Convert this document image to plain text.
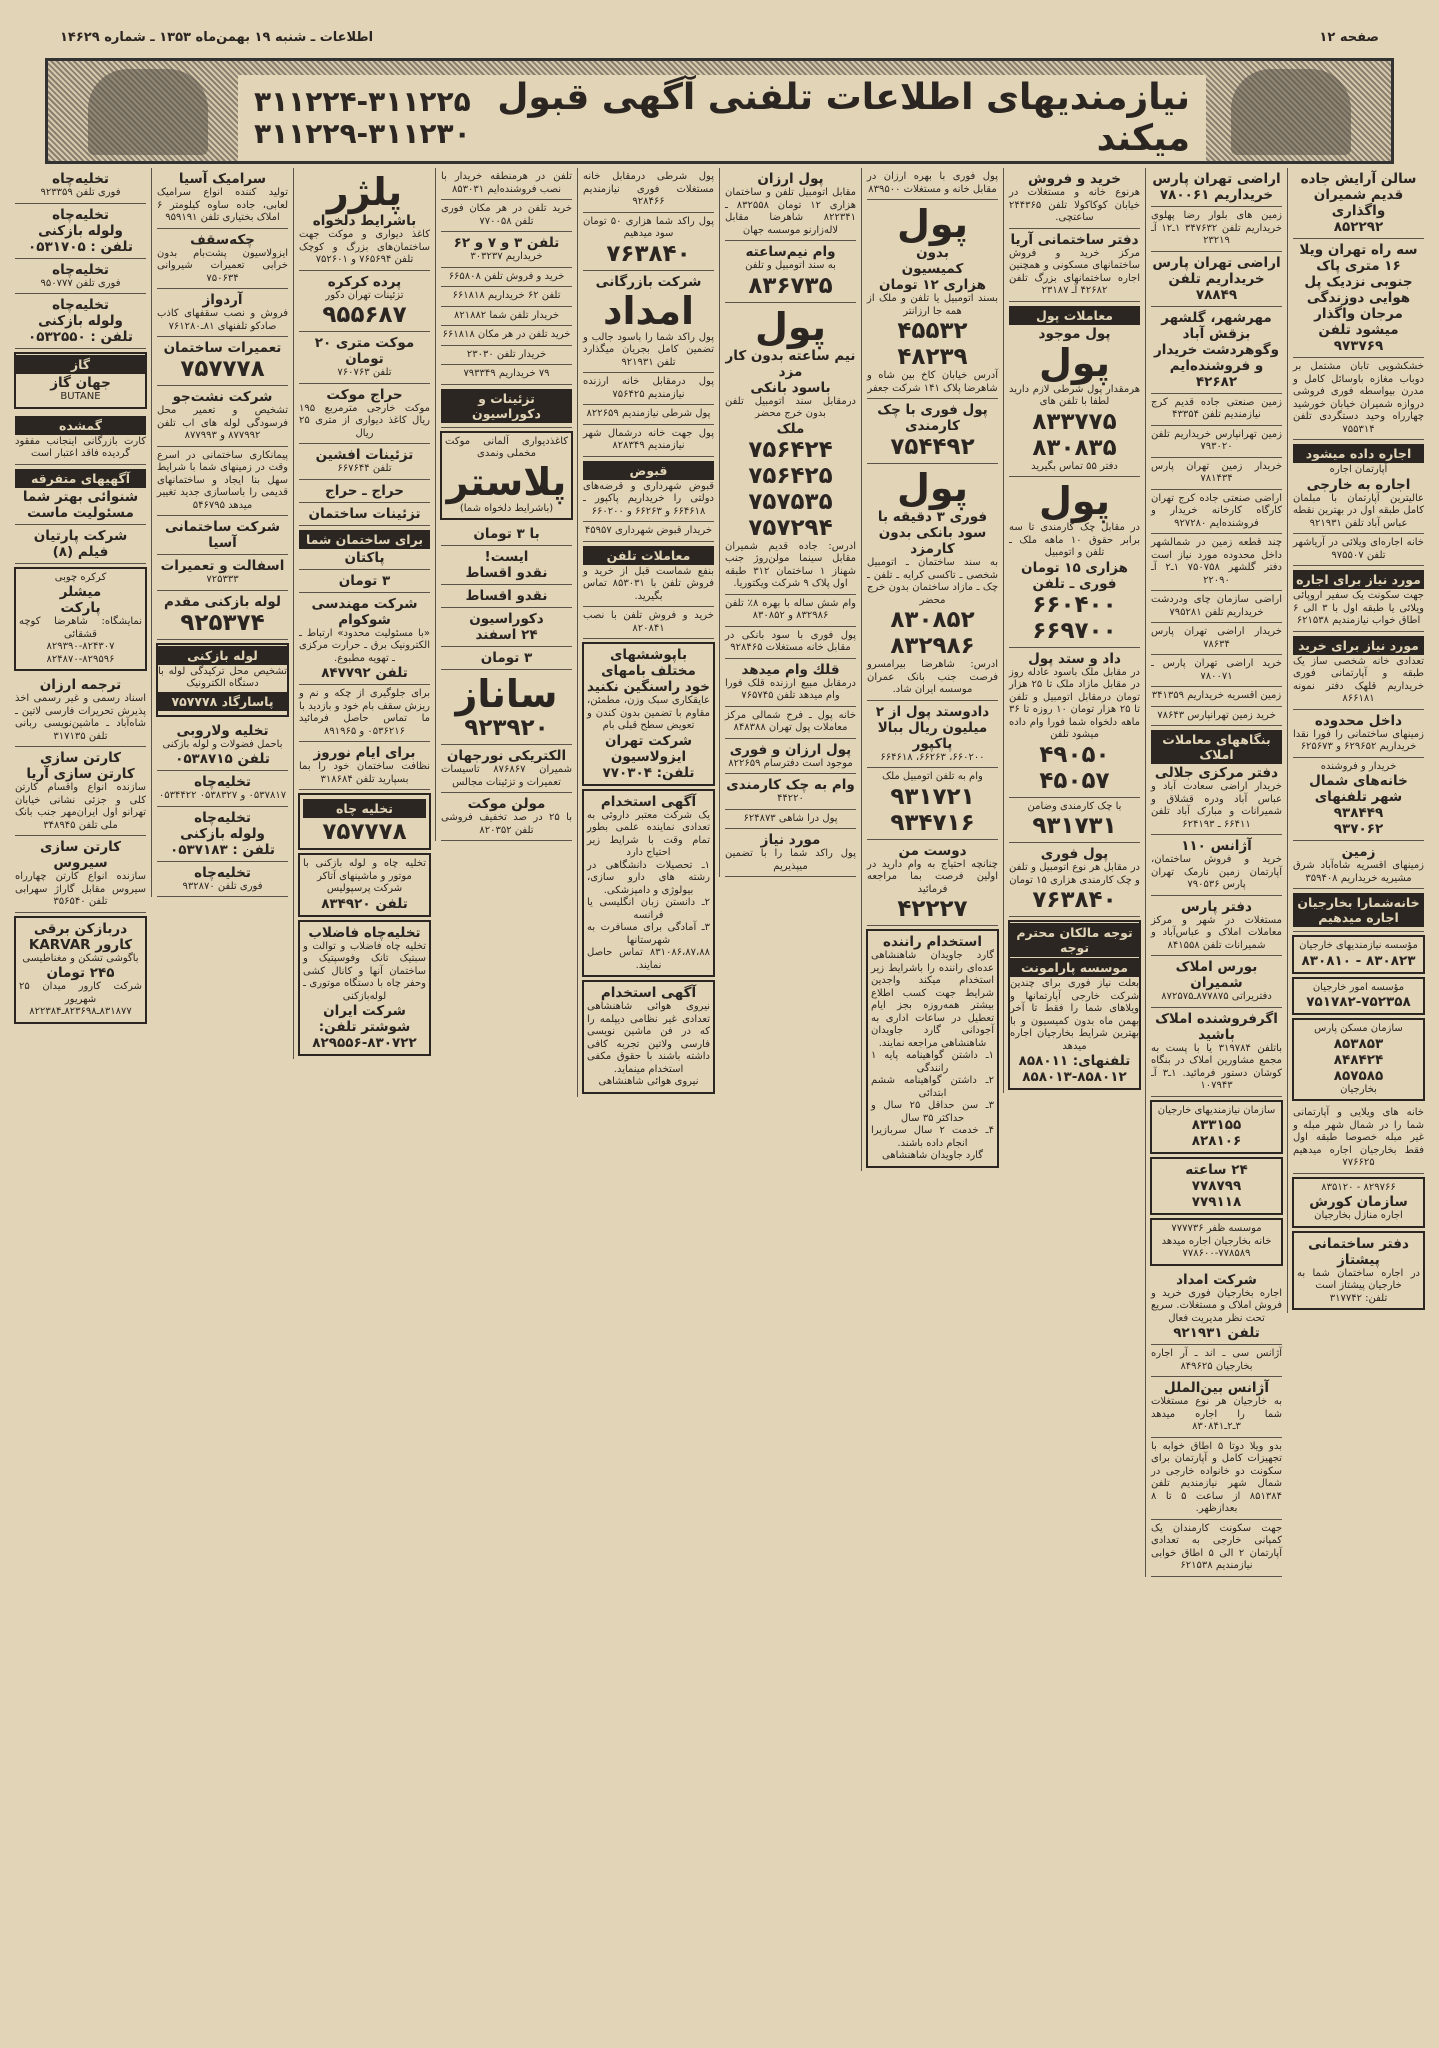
صفحه ۱۲
اطلاعات ـ شنبه ۱۹ بهمن‌ماه ۱۳۵۳ ـ شماره ۱۴۶۲۹
نیازمندیهای اطلاعات تلفنی آگهی قبول میکند
۳۱۱۲۲۴-۳۱۱۲۲۵
۳۱۱۲۲۹-۳۱۱۲۳۰
سالن آرایش جاده قدیم شمیران واگذاری
۸۵۲۲۹۲
سه راه تهران ویلا ۱۶ متری پاک جنوبی نزدیک پل هوایی دوزندگی مرجان واگذار میشود تلفن ۹۷۳۷۶۹
خشکشویی تابان مشتمل بر دوباب مغازه باوسائل کامل و مدرن بیواسطه فوری فروشی دروازه شمیران خیابان خورشید چهارراه وحید دستگردی تلفن ۷۵۵۳۱۴
اجاره داده میشود
آپارتمان اجاره
اجاره به خارجی
عالیترین آپارتمان با مبلمان کامل طبقه اول در بهترین نقطه عباس آباد تلفن ۹۲۱۹۳۱
خانه اجاره‌ای ویلائی در آریاشهر تلفن ۹۷۵۵۰۷
مورد نیاز برای اجاره
جهت سکونت یک سفیر اروپائی ویلائی یا طبقه اول با ۳ الی ۶ اطاق خواب نیازمندیم ۶۲۱۵۳۸
مورد نیاز برای خرید
تعدادی خانه شخصی ساز یک طبقه و آپارتمانی فوری خریداریم قلهک دفتر نمونه ۸۶۶۱۸۱
داخل محدوده
زمینهای ساختمانی را فورا نقدا خریداریم ۶۲۹۶۵۲ و ۶۲۵۶۷۳
خریدار و فروشنده
خانه‌های شمال شهر تلفنهای
۹۳۸۴۴۹
۹۳۷۰۶۲
زمین
زمینهای اقسریه شاه‌آباد شرق مشیریه خریداریم ۳۵۹۴۰۸
خانه‌شمارا بخارجیان اجاره میدهیم
مؤسسه نیازمندیهای خارجیان
۸۳۰۸۲۳ - ۸۳۰۸۱۰
مؤسسه امور خارجیان
۷۵۱۷۸۲-۷۵۲۳۵۸
سازمان مسکن پارس
۸۵۳۸۵۳
۸۴۸۴۲۴
۸۵۷۵۸۵
بخارجیان
خانه های ویلایی و آپارتمانی شما را در شمال شهر مبله و غیر مبله خصوصا طبقه اول فقط بخارجیان اجاره میدهیم ۷۷۶۶۲۵
۸۲۹۷۶۶ - ۸۳۵۱۲۰
سازمان کورش
اجاره منازل بخارجیان
دفتر ساختمانی پیشتاز
در اجاره ساختمان شما به خارجیان پیشتاز است
تلفن: ۳۱۷۷۴۲
اراضی تهران پارس خریداریم ۷۸۰۰۶۱
زمین های بلوار رضا پهلوی خریداریم تلفن ۳۴۷۶۳۲ ۱ـ۱۲ آـ ۲۳۲۱۹
اراضی تهران پارس خریداریم تلفن ۷۸۸۴۹
مهرشهر، گلشهر بزقش آباد وگوهردشت خریدار و فروشنده‌ایم ۴۲۶۸۲
زمین صنعتی جاده قدیم کرج نیازمندیم تلفن ۴۳۳۵۴
زمین تهرانپارس خریداریم تلفن ۷۹۳۰۲۰
خریدار زمین تهران پارس ۷۸۱۴۳۴
اراضی صنعتی جاده کرج تهران کارگاه کارخانه خریدار و فروشنده‌ایم ۹۲۷۲۸۰
چند قطعه زمین در شمالشهر داخل محدوده مورد نیاز است دفتر گلشهر ۷۵۰۷۵۸ ۱ـ۲ آـ ۲۲۰۹۰
اراضی سازمان چای ودردشت خریداریم تلفن ۷۹۵۲۸۱
خریدار اراضی تهران پارس ۷۸۶۳۴
خرید اراضی تهران پارس ـ ۷۸۰۰۷۱
زمین اقسریه خریداریم ۳۴۱۳۵۹
خرید زمین تهرانپارس ۷۸۶۴۳
بنگاههای معاملات املاک
دفتر مرکزی جلالی
خریدار اراضی سعادت آباد و عباس آباد ودره قشلاق و شمیرانات و مبارک آباد تلفن ۶۶۴۱۱ ـ ۶۲۴۱۹۳
آژانس ۱۱۰
خرید و فروش ساختمان، آپارتمان زمین نارمک تهران پارس ۷۹۰۵۳۶
دفتر پارس
مستغلات در شهر و مرکز معاملات املاک و عباس‌آباد و شمیرانات تلفن ۸۴۱۵۵۸
بورس املاک شمیران
دفتریراتی ۸۷۷۸۷۵ـ۸۷۲۵۷۵
اگرفروشنده املاک باشید
باتلفن ۳۱۹۷۸۴ یا با پست به مجمع مشاورین املاک در بنگاه کوشان دستور فرمائید. ۱ـ۳ آـ ۱۰۷۹۴۳
سازمان نیازمندیهای خارجیان
۸۳۳۱۵۵
۸۲۸۱۰۶
۲۴ ساعته
۷۷۸۷۹۹
۷۷۹۱۱۸
موسسه ظفر ۷۷۷۷۳۶
خانه بخارجیان اجاره میدهد
۷۷۸۶۰۰-۷۷۸۵۸۹
شرکت امداد
اجاره بخارجیان فوری خرید و فروش املاک و مستغلات. سریع تحت نظر مدیریت فعال
تلفن ۹۲۱۹۳۱
آژانس سی ـ اند ـ آر اجاره بخارجیان ۸۴۹۶۲۵
آژانس بین‌الملل
به خارجیان هر نوع مستغلات شما را اجاره میدهد ۳ـ۲ـ۸۳۰۸۴۱
بدو ویلا دوتا ۵ اطاق خوابه با تجهیزات کامل و آپارتمان برای سکونت دو خانواده خارجی در شمال شهر نیازمندیم تلفن ۸۵۱۳۸۴ از ساعت ۵ تا ۸ بعدازظهر.
جهت سکونت کارمندان یک کمپانی خارجی به تعدادی آپارتمان ۲ الی ۵ اطاق خوابی نیازمندیم ۶۲۱۵۳۸
خرید و فروش
هرنوع خانه و مستغلات در خیابان کوکاکولا تلفن ۲۴۴۳۶۵ ساعتچی.
دفتر ساختمانی آریا
مرکز خرید و فروش ساختمانهای مسکونی و همچنین اجاره ساختمانهای بزرگ تلفن ۴۲۶۸۲ آـ ۲۳۱۸۷
معاملات پول
پول موجود
پول
هرمقدار پول شرطی لازم دارید لطفا با تلفن های
۸۳۳۷۷۵
۸۳۰۸۳۵
دفتر ۵۵ تماس بگیرید
پول
در مقابل چک کارمندی تا سه برابر حقوق ۱۰ ماهه ملک ـ تلفن و اتومبیل
هزاری ۱۵ تومان فوری ـ تلفن
۶۶۰۴۰۰
۶۶۹۷۰۰
داد و ستد پول
در مقابل ملک باسود عادله روز در مقابل مازاد ملک تا ۲۵ هزار تومان درمقابل اتومبیل و تلفن تا ۲۵ هزار تومان ۱۰ روزه تا ۳۶ ماهه دلخواه شما فورا وام داده میشود تلفن
۴۹۰۵۰
۴۵۰۵۷
با چک کارمندی وضامن
۹۳۱۷۳۱
پول فوری
در مقابل هر نوع اتومبیل و تلفن و چک کارمندی هزاری ۱۵ تومان
۷۶۳۸۴۰
توجه مالکان محترم توجه
موسسه پارامونت
بعلت نیاز فوری برای چندین شرکت خارجی آپارتمانها و ویلاهای شما را فقط تا آخر بهمن ماه بدون کمیسیون و با بهترین شرایط بخارجیان اجاره میدهد
تلفنهای: ۸۵۸۰۱۱
۸۵۸۰۱۳-۸۵۸۰۱۲
پول فوری با بهره ارزان در مقابل خانه و مستغلات ۸۳۹۵۰۰
پول
بدون
کمیسیون
هزاری ۱۲ تومان
بسند اتومبیل یا تلفن و ملک از همه جا ارزانتر
۴۵۵۳۲
۴۸۲۳۹
آدرس خیابان کاخ بین شاه و شاهرضا پلاک ۱۴۱ شرکت جعفر
پول فوری با چک کارمندی
۷۵۴۴۹۲
پول
فوری ۳ دقیقه با سود بانکی بدون کارمزد
به سند ساختمان ـ اتومبیل شخصی ـ تاکسی کرایه ـ تلفن ـ چک ـ مازاد ساختمان بدون خرج محضر
۸۳۰۸۵۲
۸۳۲۹۸۶
ادرس: شاهرضا بیرامسرو فرصت جنب بانک عمران موسسه ایران شاد.
دادوستد پول از ۲ میلیون ریال ببالا پاکپور
۶۶۰۲۰۰، ۶۶۲۶۳، ۶۶۴۶۱۸
وام به تلفن اتومبیل ملک
۹۳۱۷۲۱
۹۳۴۷۱۶
دوست من
چنانچه احتیاج به وام دارید در اولین فرصت بما مراجعه فرمائید
۴۲۲۲۷
استخدام راننده
گارد جاویدان شاهنشاهی عده‌ای راننده را باشرایط زیر استخدام میکند واجدین شرایط جهت کسب اطلاع بیشتر همه‌روزه بجز ایام تعطیل در ساعات اداری به آجودانی گارد جاویدان شاهنشاهی مراجعه نمایند.
۱ـ داشتن گواهینامه پایه ۱ رانندگی
۲ـ داشتن گواهینامه ششم ابتدائی
۳ـ سن حداقل ۲۵ سال و حداکثر ۳۵ سال
۴ـ خدمت ۲ سال سربازیرا انجام داده باشند.
گارد جاویدان شاهنشاهی
پول ارزان
مقابل اتومبیل تلفن و ساختمان هزاری ۱۲ تومان ۸۳۲۵۵۸ ـ ۸۲۲۳۴۱ شاهرضا مقابل لاله‌زارنو موسسه جهان
وام نیم‌ساعته
به سند اتومبیل و تلفن
۸۳۶۷۳۵
پول
نیم ساعته بدون کار مزد
باسود بانکی
درمقابل سند اتومبیل تلفن بدون خرج محضر
ملک
۷۵۶۴۲۴
۷۵۶۴۲۵
۷۵۷۵۳۵
۷۵۷۲۹۴
ادرس: جاده قدیم شمیران مقابل سینما مولن‌روژ جنب شهناز ۱ ساختمان ۳۱۲ طبقه اول پلاک ۹ شرکت ویکتوریا.
وام شش ساله با بهره ۸٪ تلفن ۸۳۲۹۸۶ و ۸۳۰۸۵۲
پول فوری با سود بانکی در مقابل خانه مستغلات ۹۲۸۴۶۵
قلك وام میدهد
درمقابل مبیع ارزنده قلک فورا وام میدهد تلفن ۷۶۵۷۴۵
خانه پول ـ فرح شمالی مرکز معاملات پول تهران ۸۴۸۳۸۸
پول ارزان و فوری
موجود است دفترسام ۸۲۲۶۵۹
وام به چک کارمندی
۴۴۲۲۰
پول درا شاهی ۶۲۴۸۷۳
مورد نیاز
پول راکد شما را با تضمین میپذیریم
پول شرطی درمقابل خانه مستغلات فوری نیازمندیم ۹۲۸۴۶۶
پول راکد شما هزاری ۵۰ تومان سود میدهیم
۷۶۳۸۴۰
شرکت بازرگانی
امداد
پول راکد شما را باسود جالب و تضمین کامل بجریان میگذارد تلفن ۹۲۱۹۳۱
پول درمقابل خانه ارزنده نیازمندیم ۷۵۶۴۲۵
پول شرطی نیازمندیم ۸۲۲۶۵۹
پول جهت خانه درشمال شهر نیازمندیم ۸۲۸۳۴۹
قبوض
قبوض شهرداری و قرضه‌های دولتی را خریداریم پاکپور ـ ۶۶۴۶۱۸ و ۶۶۲۶۳ و ۶۶۰۲۰۰
خریدار قبوض شهرداری ۴۵۹۵۷
معاملات تلفن
بنفع شماست قبل از خرید و فروش تلفن با ۸۵۳۰۳۱ تماس بگیرید.
خرید و فروش تلفن با نصب ۸۲۰۸۴۱
باپوششهای مختلف بامهای خود راسنگین نکنید
عایقکاری سبک وزن، مطمئن، مقاوم با تضمین بدون کندن و تعویض سطح قبلی بام
شرکت تهران ایزولاسیون
تلفن: ۷۷۰۳۰۴
آگهی استخدام
یک شرکت معتبر داروئی به تعدادی نماینده علمی بطور تمام وقت با شرایط زیر احتیاج دارد
۱ـ تحصیلات دانشگاهی در رشته های دارو سازی، بیولوژی و دامپزشکی.
۲ـ دانستن زبان انگلیسی یا فرانسه
۳ـ آمادگی برای مسافرت به شهرستانها
۸۳۱۰۸۶،۸۷،۸۸ تماس حاصل نمایند.
آگهی استخدام
نیروی هوائی شاهنشاهی تعدادی غیر نظامی دیپلمه را که در فن ماشین نویسی فارسی ولاتین تجربه کافی داشته باشند با حقوق مکفی استخدام مینماید.
نیروی هوائی شاهنشاهی
تلفن در هرمنطقه خریدار با نصب فروشنده‌ایم ۸۵۳۰۳۱
خرید تلفن در هر مکان فوری تلفن ۷۷۰۰۵۸
تلفن ۳ و ۷ و ۶۲
خریداریم ۳۰۳۲۳۷
خرید و فروش تلفن ۶۶۵۸۰۸
تلفن ۶۲ خریداریم ۶۶۱۸۱۸
خریدار تلفن شما ۸۲۱۸۸۲
خرید تلفن در هر مکان ۶۶۱۸۱۸
خریدار تلفن ۲۳۰۳۰
۷۹ خریداریم ۷۹۳۳۴۹
تزئینات و دکوراسیون
کاغذدیواری آلمانی موکت مخملی ونمدی
پلاستر
(باشرایط دلخواه شما)
با ۳ تومان
ایست!
نقدو اقساط
نقدو اقساط
دکوراسیون
۲۴ اسفند
۳ تومان
ساناز
۹۲۳۹۲۰
الکتریکی نورجهان
شمیران ۸۷۶۸۶۷ تاسیسات تعمیرات و تزئینات مجالس
مولن موکت
با ۲۵ در صد تخفیف فروشی تلفن ۸۲۰۳۵۲
پلژر
باشرایط دلخواه
کاغذ دیواری و موکت جهت ساختمان‌های بزرگ و کوچک تلفن ۷۶۵۶۹۴ و ۷۵۲۶۰۱
پرده کرکره
تزئینات تهران دکور
۹۵۵۶۸۷
موکت متری ۲۰ تومان
تلفن ۷۶۰۷۶۳
حراج موکت
موکت خارجی مترمربع ۱۹۵ ریال کاغذ دیواری از متری ۲۵ ریال
تزئینات افشین
تلفن ۶۶۷۶۴۴
حراج ـ حراج
تزئینات ساختمان
برای ساختمان شما
پاکتان
۳ تومان
شرکت مهندسی شوکوام
«با مسئولیت محدود» ارتباط ـ الکترونیک برق ـ حرارت مرکزی ـ تهویه مطبوع.
تلفن ۸۴۷۷۹۲
برای جلوگیری از چکه و نم و ریزش سقف بام خود و بازدید با ما تماس حاصل فرمائید ۰۵۳۶۲۱۶ و ۸۹۱۹۶۵
برای ایام نوروز
نظافت ساختمان خود را بما بسپارید تلفن ۳۱۸۶۸۴
تخلیه چاه
۷۵۷۷۷۸
تخلیه چاه و لوله بازکنی با موتور و ماشینهای آتاکر
شرکت پرسپولیس
تلفن ۸۳۴۹۲۰
تخلیه‌چاه فاضلاب
تخلیه چاه فاضلاب و توالت و سبتیک تانک وفوسپتیک و ساختمان آنها و کانال کشی وحفر چاه با دستگاه موتوری ـ لوله‌بازکنی
شرکت ایران شوشتر تلفن:
۸۲۹۵۵۶-۸۳۰۷۲۲
سرامیک آسیا
تولید کننده انواع سرامیک لعابی، جاده ساوه کیلومتر ۶ املاک بختیاری تلفن ۹۵۹۱۹۱
چکه‌سقف
ایزولاسیون پشت‌بام بدون خرابی تعمیرات شیروانی ۷۵۰۶۳۴
آردواز
فروش و نصب سقفهای کاذب صادکو تلفنهای ۸۱ـ۷۶۱۲۸۰
تعمیرات ساختمان
۷۵۷۷۷۸
شرکت نشت‌جو
تشخیص و تعمیر محل فرسودگی لوله های اب تلفن ۸۷۷۹۹۲ و ۸۷۷۹۹۳
پیمانکاری ساختمانی در اسرع وقت در زمینهای شما با شرایط سهل بنا ایجاد و ساختمانهای قدیمی را باساسازی جدید تغییر میدهد ۵۴۶۷۹۵
شرکت ساختمانی آسیا
اسفالت و تعمیرات
۷۲۵۳۳۳
لوله بازکنی مقدم
۹۲۵۳۷۴
لوله بازکنی
تشخیص محل ترکیدگی لوله با دستگاه الکترونیک
پاسارگاد ۷۵۷۷۷۸
تخلیه ولاروبی
باحمل فضولات و لوله بازکنی
تلفن ۰۵۳۸۷۱۵
تخلیه‌چاه
۰۵۳۷۸۱۷ و ۰۵۳۸۳۲۷ ۰۵۳۴۴۲۲
تخلیه‌چاه
ولوله بازکنی
تلفن : ۰۵۳۷۱۸۳
تخلیه‌چاه
فوری تلفن ۹۳۲۸۷۰
تخلیه‌چاه
فوری تلفن ۹۲۳۳۵۹
تخلیه‌چاه
ولوله بازکنی
تلفن : ۰۵۳۱۷۰۵
تخلیه‌چاه
فوری تلفن ۹۵۰۷۷۷
تخلیه‌چاه
ولوله بازکنی
تلفن : ۰۵۳۲۵۵۰
گاز
جهان گاز
BUTANE
گمشده
کارت بازرگانی اینجانب مفقود گردیده فاقد اعتبار است
آگهیهای متفرقه
شنوائی بهتر شما مسئولیت ماست
شرکت پارتیان
فیلم (۸)
کرکره چوبی
میشلر
پارکت
نمایشگاه: شاهرضا کوچه قشقائی
۸۲۹۳۹۰-۸۲۴۳۰۷
۸۲۴۸۷۰-۸۲۹۵۹۶
ترجمه ارزان
اسناد رسمی و غیر رسمی اخذ پذیرش تحریرات فارسی لاتین ـ شاه‌آباد ـ ماشین‌نویسی ربانی تلفن ۳۱۷۱۳۵
کارتن سازی
کارتن سازی آریا
سازنده انواع واقسام کارتن کلی و جزئی نشانی خیابان تهرانو اول ایران‌مهر جنب بانک ملی تلفن ۳۴۸۹۴۵
کارتن سازی سیروس
سازنده انواع کارتن چهارراه سیروس مقابل گاراژ سهرابی تلفن ۳۵۶۵۴۰
دربازکن برقی کارور KARVAR
باگوشی تشکن و مغناطیسی
۲۴۵ تومان
شرکت کارور میدان ۲۵ شهریور
۸۳۱۸۷۷ـ۸۲۳۶۹۸ـ۸۲۲۳۸۴
